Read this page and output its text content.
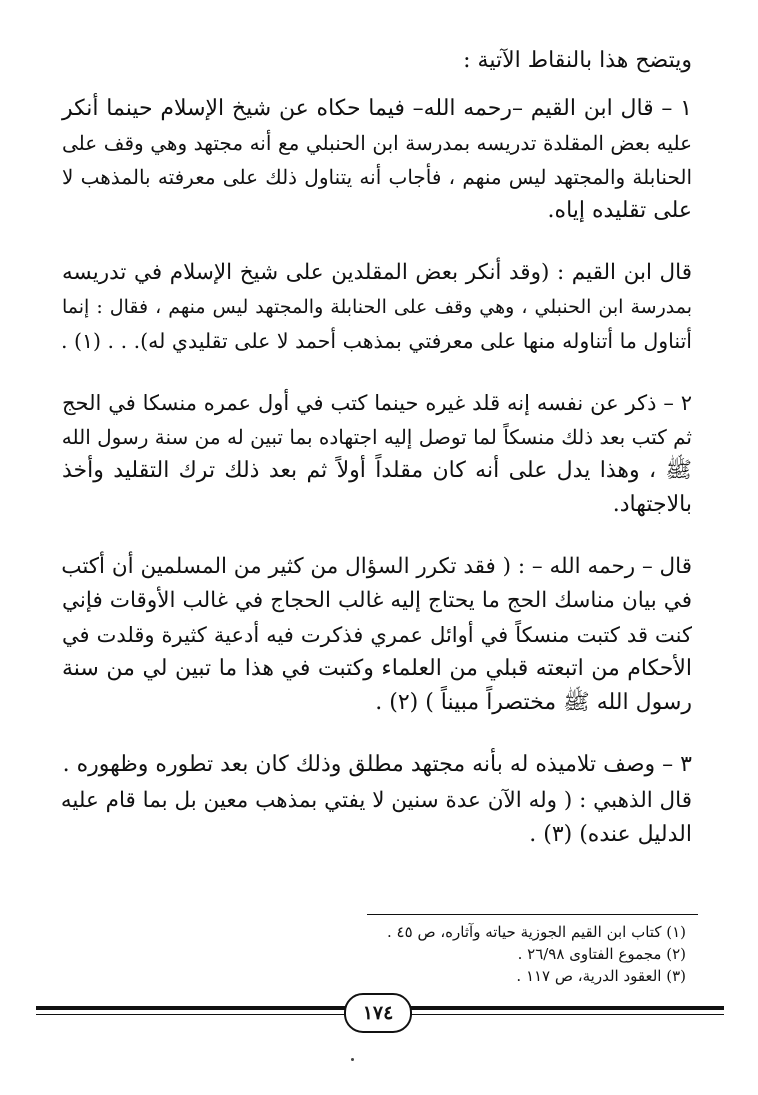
ويتضح هذا بالنقاط الآتية :
١ – قال ابن القيم –رحمه الله– فيما حكاه عن شيخ الإسلام حينما أنكر
عليه بعض المقلدة تدريسه بمدرسة ابن الحنبلي مع أنه مجتهد وهي وقف على
الحنابلة والمجتهد ليس منهم ، فأجاب أنه يتناول ذلك على معرفته بالمذهب لا
على تقليده إياه.
قال ابن القيم : (وقد أنكر بعض المقلدين على شيخ الإسلام في تدريسه
بمدرسة ابن الحنبلي ، وهي وقف على الحنابلة والمجتهد ليس منهم ، فقال : إنما
أتناول ما أتناوله منها على معرفتي بمذهب أحمد لا على تقليدي له). . . (١) .
٢ – ذكر عن نفسه إنه قلد غيره حينما كتب في أول عمره منسكا في الحج
ثم كتب بعد ذلك منسكاً لما توصل إليه اجتهاده بما تبين له من سنة رسول الله
ﷺ ، وهذا يدل على أنه كان مقلداً أولاً ثم بعد ذلك ترك التقليد وأخذ
بالاجتهاد.
قال – رحمه الله – : ( فقد تكرر السؤال من كثير من المسلمين أن أكتب
في بيان مناسك الحج ما يحتاج إليه غالب الحجاج في غالب الأوقات فإني
كنت قد كتبت منسكاً في أوائل عمري فذكرت فيه أدعية كثيرة وقلدت في
الأحكام من اتبعته قبلي من العلماء وكتبت في هذا ما تبين لي من سنة
رسول الله ﷺ مختصراً مبيناً ) (٢) .
٣ – وصف تلاميذه له بأنه مجتهد مطلق وذلك كان بعد تطوره وظهوره .
قال الذهبي : ( وله الآن عدة سنين لا يفتي بمذهب معين بل بما قام عليه
الدليل عنده) (٣) .
(١) كتاب ابن القيم الجوزية حياته وآثاره، ص ٤٥ .
(٢) مجموع الفتاوى ٢٦/٩٨ .
(٣) العقود الدرية، ص ١١٧ .
١٧٤
